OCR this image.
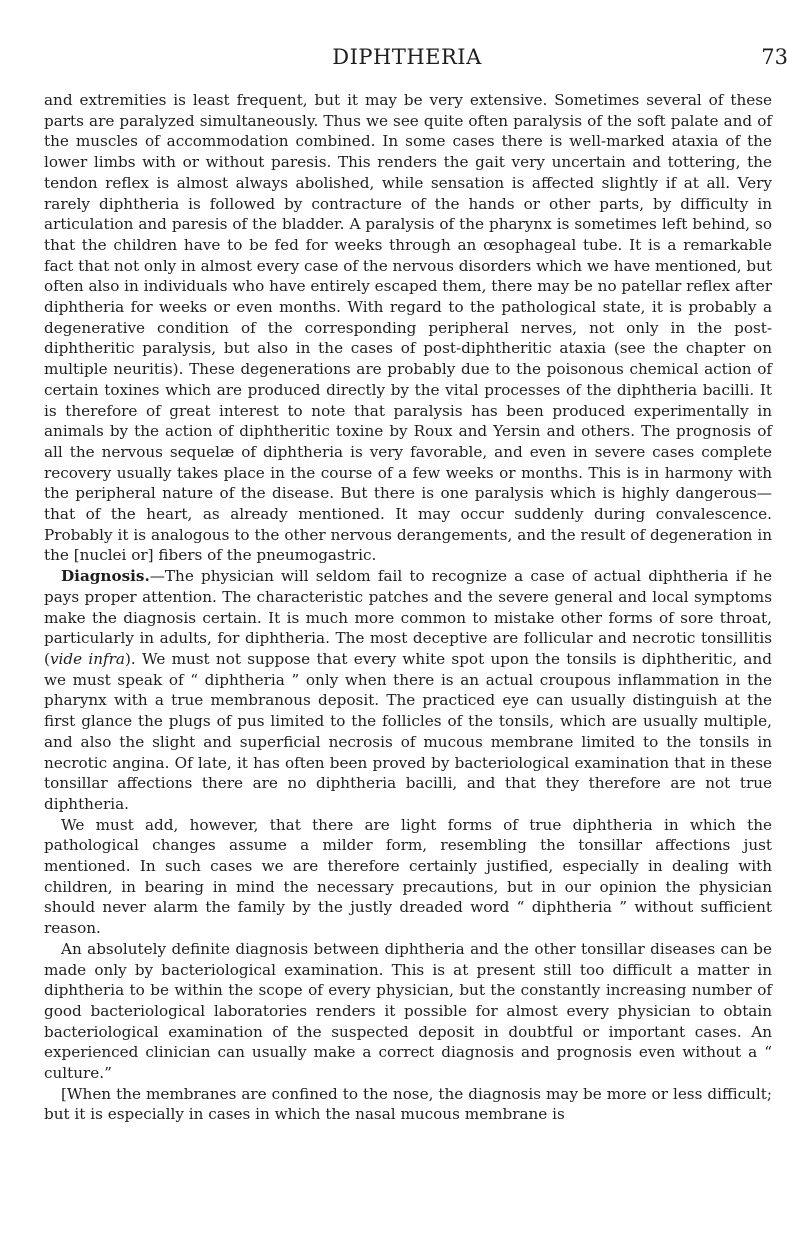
DIPHTHERIA	73

and extremities is least frequent, but it may be very extensive. Sometimes several of these parts are paralyzed simultaneously. Thus we see quite often paralysis of the soft palate and of the muscles of accommodation combined. In some cases there is well-marked ataxia of the lower limbs with or without paresis. This renders the gait very uncertain and tottering, the tendon reflex is almost always abolished, while sensation is affected slightly if at all. Very rarely diphtheria is followed by contracture of the hands or other parts, by difficulty in articulation and paresis of the bladder. A paralysis of the pharynx is sometimes left behind, so that the children have to be fed for weeks through an œsophageal tube. It is a remarkable fact that not only in almost every case of the nervous disorders which we have mentioned, but often also in individuals who have entirely escaped them, there may be no patellar reflex after diphtheria for weeks or even months. With regard to the pathological state, it is probably a degenerative condition of the corresponding peripheral nerves, not only in the post-diphtheritic paralysis, but also in the cases of post-diphtheritic ataxia (see the chapter on multiple neuritis). These degenerations are probably due to the poisonous chemical action of certain toxines which are produced directly by the vital processes of the diphtheria bacilli. It is therefore of great interest to note that paralysis has been produced experimentally in animals by the action of diphtheritic toxine by Roux and Yersin and others. The prognosis of all the nervous sequelæ of diphtheria is very favorable, and even in severe cases complete recovery usually takes place in the course of a few weeks or months. This is in harmony with the peripheral nature of the disease. But there is one paralysis which is highly dangerous—that of the heart, as already mentioned. It may occur suddenly during convalescence. Probably it is analogous to the other nervous derangements, and the result of degeneration in the [nuclei or] fibers of the pneumogastric.

Diagnosis.—The physician will seldom fail to recognize a case of actual diphtheria if he pays proper attention. The characteristic patches and the severe general and local symptoms make the diagnosis certain. It is much more common to mistake other forms of sore throat, particularly in adults, for diphtheria. The most deceptive are follicular and necrotic tonsillitis (vide infra). We must not suppose that every white spot upon the tonsils is diphtheritic, and we must speak of “ diphtheria ” only when there is an actual croupous inflammation in the pharynx with a true membranous deposit. The practiced eye can usually distinguish at the first glance the plugs of pus limited to the follicles of the tonsils, which are usually multiple, and also the slight and superficial necrosis of mucous membrane limited to the tonsils in necrotic angina. Of late, it has often been proved by bacteriological examination that in these tonsillar affections there are no diphtheria bacilli, and that they therefore are not true diphtheria.

We must add, however, that there are light forms of true diphtheria in which the pathological changes assume a milder form, resembling the tonsillar affections just mentioned. In such cases we are therefore certainly justified, especially in dealing with children, in bearing in mind the necessary precautions, but in our opinion the physician should never alarm the family by the justly dreaded word “ diphtheria ” without sufficient reason.

An absolutely definite diagnosis between diphtheria and the other tonsillar diseases can be made only by bacteriological examination. This is at present still too difficult a matter in diphtheria to be within the scope of every physician, but the constantly increasing number of good bacteriological laboratories renders it possible for almost every physician to obtain bacteriological examination of the suspected deposit in doubtful or important cases. An experienced clinician can usually make a correct diagnosis and prognosis even without a “ culture.”

[When the membranes are confined to the nose, the diagnosis may be more or less difficult; but it is especially in cases in which the nasal mucous membrane is
